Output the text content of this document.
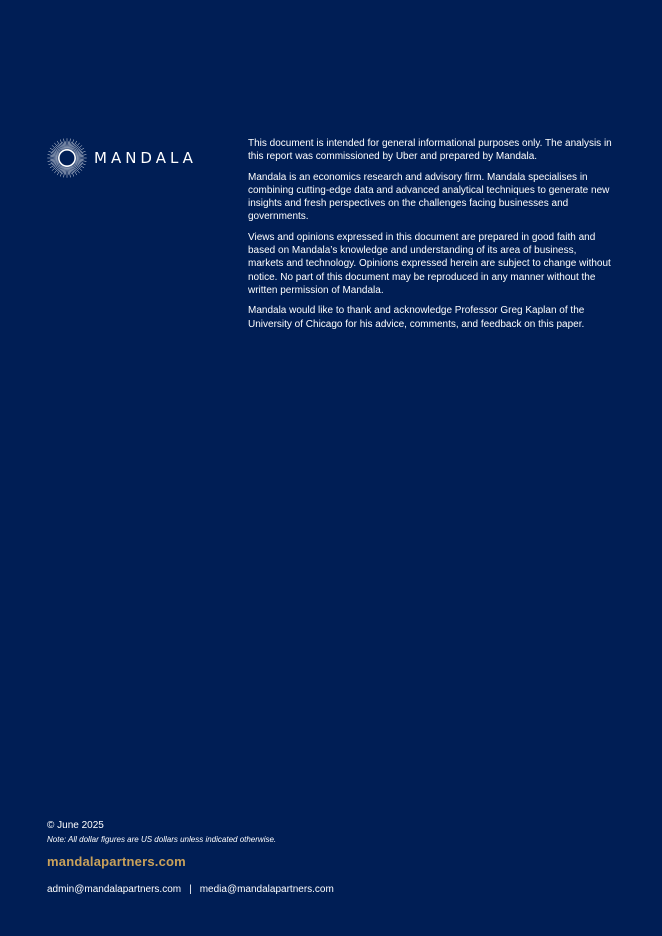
MANDALA

This document is intended for general informational purposes only. The analysis in this report was commissioned by Uber and prepared by Mandala.

Mandala is an economics research and advisory firm. Mandala specialises in combining cutting-edge data and advanced analytical techniques to generate new insights and fresh perspectives on the challenges facing businesses and governments.

Views and opinions expressed in this document are prepared in good faith and based on Mandala’s knowledge and understanding of its area of business, markets and technology. Opinions expressed herein are subject to change without notice. No part of this document may be reproduced in any manner without the written permission of Mandala.

Mandala would like to thank and acknowledge Professor Greg Kaplan of the University of Chicago for his advice, comments, and feedback on this paper.

© June 2025

Note: All dollar figures are US dollars unless indicated otherwise.

mandalapartners.com

admin@mandalapartners.com | media@mandalapartners.com
